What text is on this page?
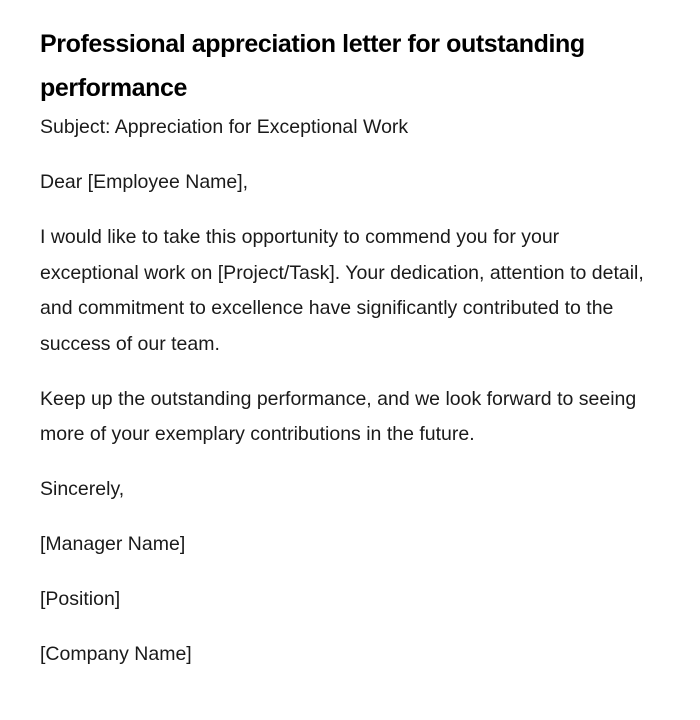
Professional appreciation letter for outstanding performance

Subject: Appreciation for Exceptional Work

Dear [Employee Name],

I would like to take this opportunity to commend you for your exceptional work on [Project/Task]. Your dedication, attention to detail, and commitment to excellence have significantly contributed to the success of our team.

Keep up the outstanding performance, and we look forward to seeing more of your exemplary contributions in the future.

Sincerely,

[Manager Name]

[Position]

[Company Name]
